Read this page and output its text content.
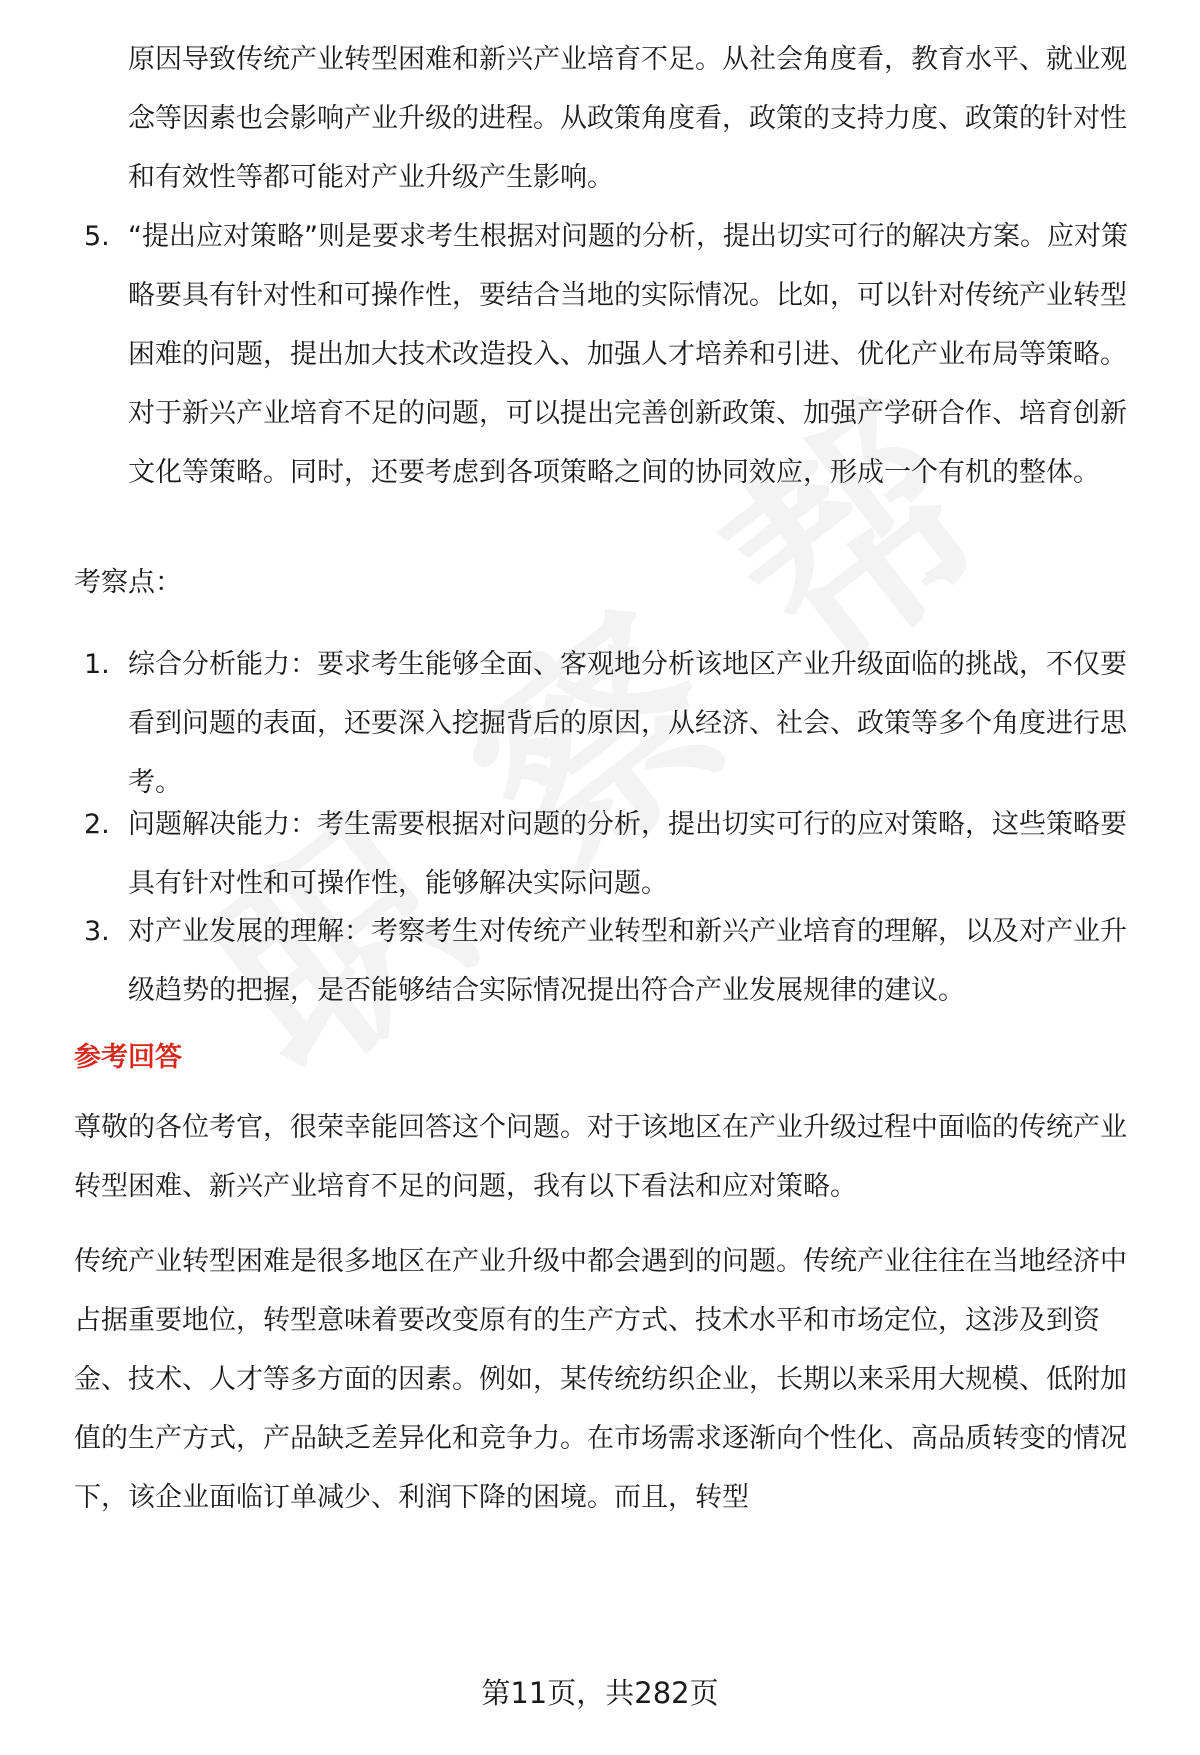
原因导致传统产业转型困难和新兴产业培育不足。从社会角度看，教育水平、就业观念等因素也会影响产业升级的进程。从政策角度看，政策的支持力度、政策的针对性和有效性等都可能对产业升级产生影响。

5. “提出应对策略”则是要求考生根据对问题的分析，提出切实可行的解决方案。应对策略要具有针对性和可操作性，要结合当地的实际情况。比如，可以针对传统产业转型困难的问题，提出加大技术改造投入、加强人才培养和引进、优化产业布局等策略。对于新兴产业培育不足的问题，可以提出完善创新政策、加强产学研合作、培育创新文化等策略。同时，还要考虑到各项策略之间的协同效应，形成一个有机的整体。

考察点：

1. 综合分析能力：要求考生能够全面、客观地分析该地区产业升级面临的挑战，不仅要看到问题的表面，还要深入挖掘背后的原因，从经济、社会、政策等多个角度进行思考。
2. 问题解决能力：考生需要根据对问题的分析，提出切实可行的应对策略，这些策略要具有针对性和可操作性，能够解决实际问题。
3. 对产业发展的理解：考察考生对传统产业转型和新兴产业培育的理解，以及对产业升级趋势的把握，是否能够结合实际情况提出符合产业发展规律的建议。

参考回答

尊敬的各位考官，很荣幸能回答这个问题。对于该地区在产业升级过程中面临的传统产业转型困难、新兴产业培育不足的问题，我有以下看法和应对策略。

传统产业转型困难是很多地区在产业升级中都会遇到的问题。传统产业往往在当地经济中占据重要地位，转型意味着要改变原有的生产方式、技术水平和市场定位，这涉及到资金、技术、人才等多方面的因素。例如，某传统纺织企业，长期以来采用大规模、低附加值的生产方式，产品缺乏差异化和竞争力。在市场需求逐渐向个性化、高品质转变的情况下，该企业面临订单减少、利润下降的困境。而且，转型

第11页，共282页
